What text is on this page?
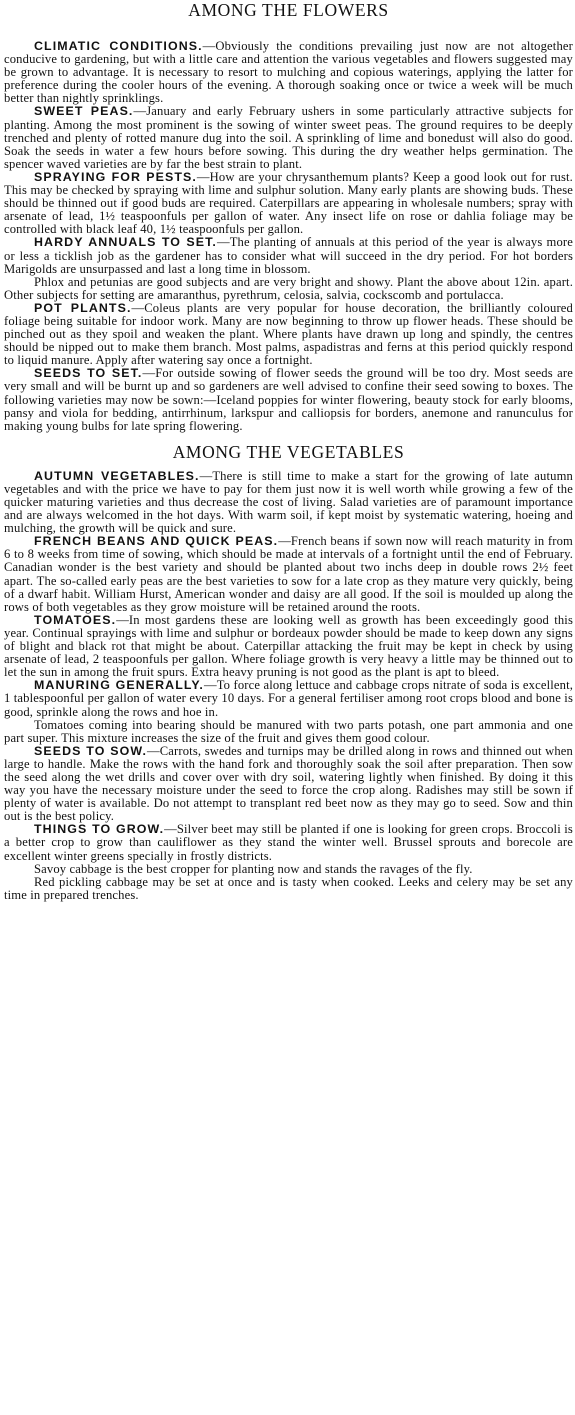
AMONG THE FLOWERS

CLIMATIC CONDITIONS.—Obviously the conditions prevailing just now are not altogether conducive to gardening, but with a little care and attention the various vegetables and flowers suggested may be grown to advantage. It is necessary to resort to mulching and copious waterings, applying the latter for preference during the cooler hours of the evening. A thorough soaking once or twice a week will be much better than nightly sprinklings.

SWEET PEAS.—January and early February ushers in some particularly attractive subjects for planting. Among the most prominent is the sowing of winter sweet peas. The ground requires to be deeply trenched and plenty of rotted manure dug into the soil. A sprinkling of lime and bonedust will also do good. Soak the seeds in water a few hours before sowing. This during the dry weather helps germination. The spencer waved varieties are by far the best strain to plant.

SPRAYING FOR PESTS.—How are your chrysanthemum plants? Keep a good look out for rust. This may be checked by spraying with lime and sulphur solution. Many early plants are showing buds. These should be thinned out if good buds are required. Caterpillars are appearing in wholesale numbers; spray with arsenate of lead, 1½ teaspoonfuls per gallon of water. Any insect life on rose or dahlia foliage may be controlled with black leaf 40, 1½ teaspoonfuls per gallon.

HARDY ANNUALS TO SET.—The planting of annuals at this period of the year is always more or less a ticklish job as the gardener has to consider what will succeed in the dry period. For hot borders Marigolds are unsurpassed and last a long time in blossom.

Phlox and petunias are good subjects and are very bright and showy. Plant the above about 12in. apart. Other subjects for setting are amaranthus, pyrethrum, celosia, salvia, cockscomb and portulacca.

POT PLANTS.—Coleus plants are very popular for house decoration, the brilliantly coloured foliage being suitable for indoor work. Many are now beginning to throw up flower heads. These should be pinched out as they spoil and weaken the plant. Where plants have drawn up long and spindly, the centres should be nipped out to make them branch. Most palms, aspadistras and ferns at this period quickly respond to liquid manure. Apply after watering say once a fortnight.

SEEDS TO SET.—For outside sowing of flower seeds the ground will be too dry. Most seeds are very small and will be burnt up and so gardeners are well advised to confine their seed sowing to boxes. The following varieties may now be sown:—Iceland poppies for winter flowering, beauty stock for early blooms, pansy and viola for bedding, antirrhinum, larkspur and calliopsis for borders, anemone and ranunculus for making young bulbs for late spring flowering.

AMONG THE VEGETABLES

AUTUMN VEGETABLES.—There is still time to make a start for the growing of late autumn vegetables and with the price we have to pay for them just now it is well worth while growing a few of the quicker maturing varieties and thus decrease the cost of living. Salad varieties are of paramount importance and are always welcomed in the hot days. With warm soil, if kept moist by systematic watering, hoeing and mulching, the growth will be quick and sure.

FRENCH BEANS AND QUICK PEAS.—French beans if sown now will reach maturity in from 6 to 8 weeks from time of sowing, which should be made at intervals of a fortnight until the end of February. Canadian wonder is the best variety and should be planted about two inchs deep in double rows 2½ feet apart. The so-called early peas are the best varieties to sow for a late crop as they mature very quickly, being of a dwarf habit. William Hurst, American wonder and daisy are all good. If the soil is moulded up along the rows of both vegetables as they grow moisture will be retained around the roots.

TOMATOES.—In most gardens these are looking well as growth has been exceedingly good this year. Continual sprayings with lime and sulphur or bordeaux powder should be made to keep down any signs of blight and black rot that might be about. Caterpillar attacking the fruit may be kept in check by using arsenate of lead, 2 teaspoonfuls per gallon. Where foliage growth is very heavy a little may be thinned out to let the sun in among the fruit spurs. Extra heavy pruning is not good as the plant is apt to bleed.

MANURING GENERALLY.—To force along lettuce and cabbage crops nitrate of soda is excellent, 1 tablespoonful per gallon of water every 10 days. For a general fertiliser among root crops blood and bone is good, sprinkle along the rows and hoe in.

Tomatoes coming into bearing should be manured with two parts potash, one part ammonia and one part super. This mixture increases the size of the fruit and gives them good colour.

SEEDS TO SOW.—Carrots, swedes and turnips may be drilled along in rows and thinned out when large to handle. Make the rows with the hand fork and thoroughly soak the soil after preparation. Then sow the seed along the wet drills and cover over with dry soil, watering lightly when finished. By doing it this way you have the necessary moisture under the seed to force the crop along. Radishes may still be sown if plenty of water is available. Do not attempt to transplant red beet now as they may go to seed. Sow and thin out is the best policy.

THINGS TO GROW.—Silver beet may still be planted if one is looking for green crops. Broccoli is a better crop to grow than cauliflower as they stand the winter well. Brussel sprouts and borecole are excellent winter greens specially in frostly districts.

Savoy cabbage is the best cropper for planting now and stands the ravages of the fly.

Red pickling cabbage may be set at once and is tasty when cooked. Leeks and celery may be set any time in prepared trenches.
